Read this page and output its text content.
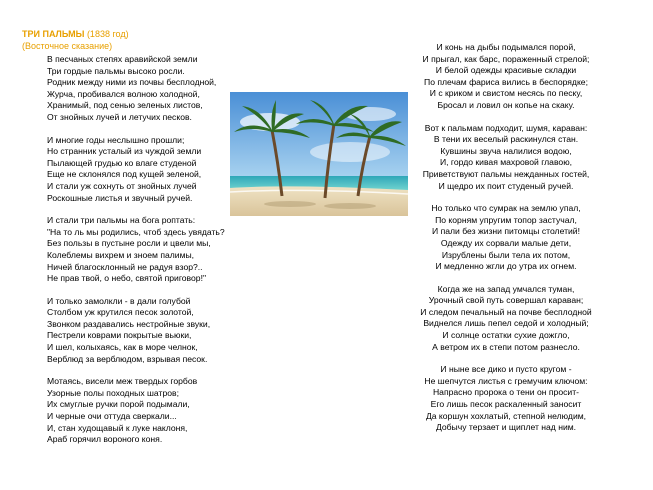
ТРИ ПАЛЬМЫ (1838 год)
(Восточное сказание)
В песчаных степях аравийской земли
Три гордые пальмы высоко росли.
Родник между ними из почвы бесплодной,
Журча, пробивался волною холодной,
Хранимый, под сенью зеленых листов,
От знойных лучей и летучих песков.
И многие годы неслышно прошли;
Но странник усталый из чуждой земли
Пылающей грудью ко влаге студеной
Еще не склонялся под кущей зеленой,
И стали уж сохнуть от знойных лучей
Роскошные листья и звучный ручей.
И стали три пальмы на бога роптать:
"На то ль мы родились, чтоб здесь увядать?
Без пользы в пустыне росли и цвели мы,
Колеблемы вихрем и зноем палимы,
Ничей благосклонный не радуя взор?..
Не прав твой, о небо, святой приговор!"
И только замолкли - в дали голубой
Столбом уж крутился песок золотой,
Звонком раздавались нестройные звуки,
Пестрели коврами покрытые вьюки,
И шел, колыхаясь, как в море челнок,
Верблюд за верблюдом, взрывая песок.
Мотаясь, висели меж твердых горбов
Узорные полы походных шатров;
Их смуглые ручки порой подымали,
И черные очи оттуда сверкали...
И, стан худощавый к луке наклоня,
Араб горячил вороного коня.
И конь на дыбы подымался порой,
И прыгал, как барс, пораженный стрелой;
И белой одежды красивые складки
По плечам фариса вились в беспорядке;
И с криком и свистом несясь по песку,
Бросал и ловил он копье на скаку.
Вот к пальмам подходит, шумя, караван:
В тени их веселый раскинулся стан.
Кувшины звуча налилися водою,
И, гордо кивая махровой главою,
Приветствуют пальмы нежданных гостей,
И щедро их поит студеный ручей.
Но только что сумрак на землю упал,
По корням упругим топор застучал,
И пали без жизни питомцы столетий!
Одежду их сорвали малые дети,
Изрублены были тела их потом,
И медленно жгли до утра их огнем.
Когда же на запад умчался туман,
Урочный свой путь совершал караван;
И следом печальный на почве бесплодной
Виднелся лишь пепел седой и холодный;
И солнце остатки сухие дожгло,
А ветром их в степи потом разнесло.
И ныне все дико и пусто кругом -
Не шепчутся листья с гремучим ключом:
Напрасно пророка о тени он просит-
Его лишь песок раскаленный заносит
Да коршун хохлатый, степной нелюдим,
Добычу терзает и щиплет над ним.
